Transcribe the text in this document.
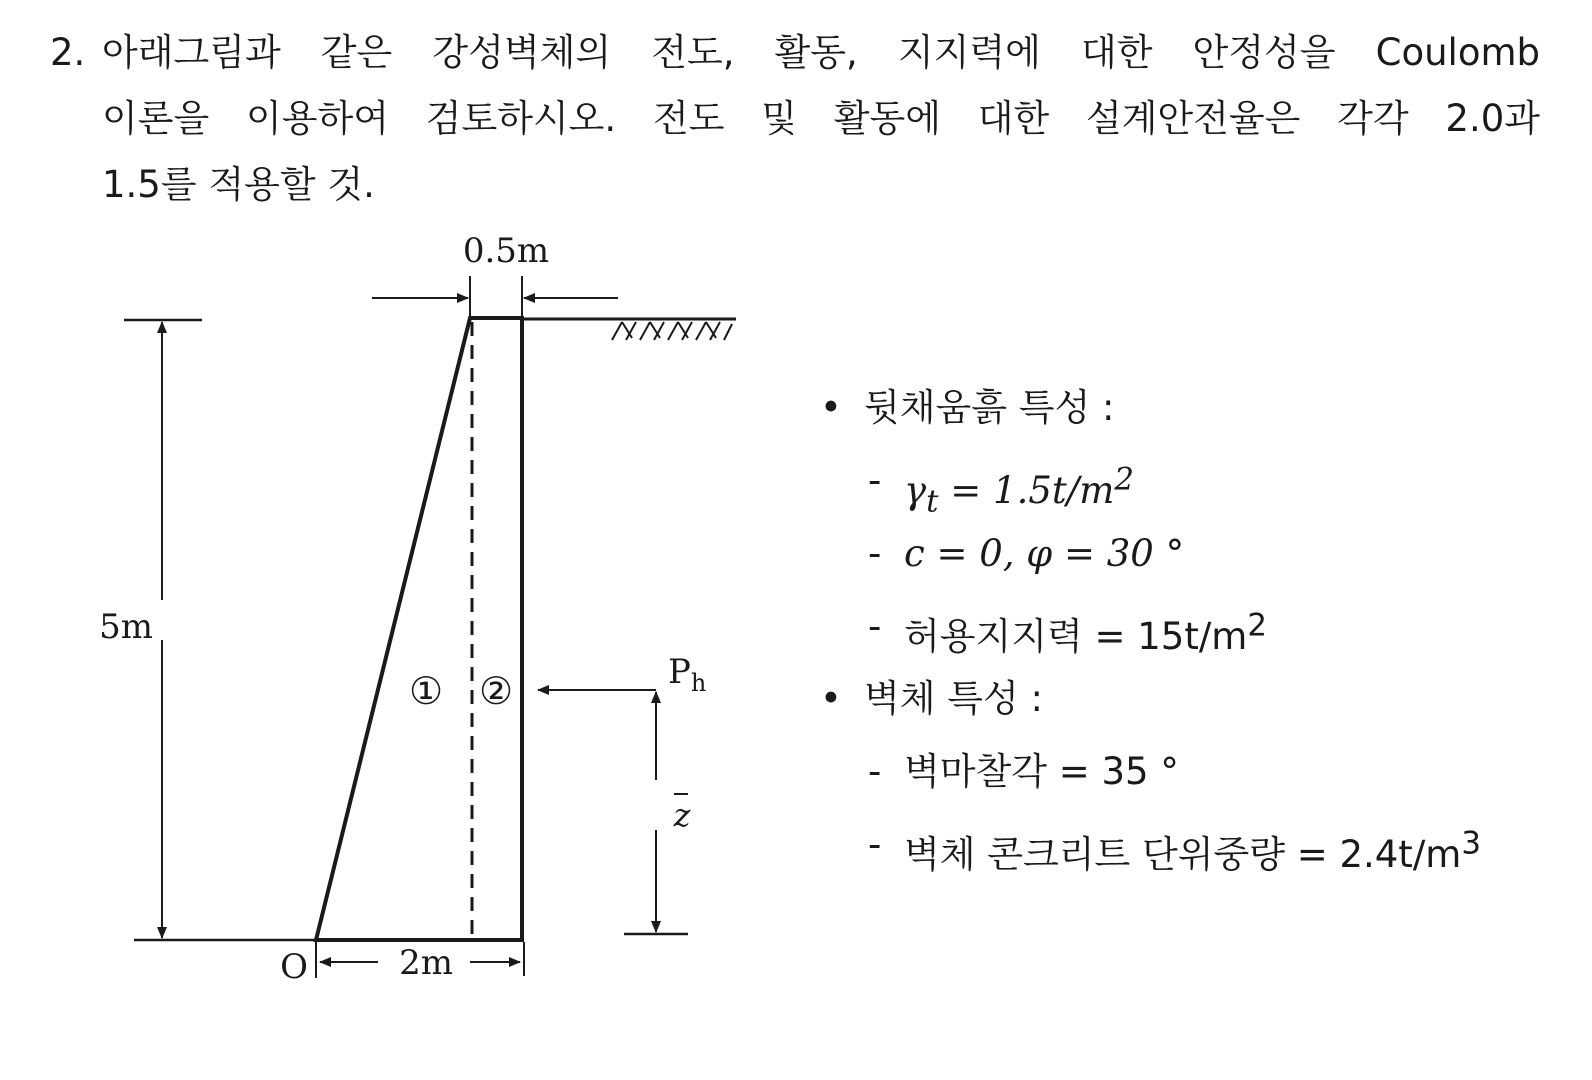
2. 아래그림과 같은 강성벽체의 전도, 활동, 지지력에 대한 안정성을 Coulomb
이론을 이용하여 검토하시오. 전도 및 활동에 대한 설계안전율은 각각 2.0과
1.5를 적용할 것.
0.5m
5m
① ②
2m
O
$P_h$
z
• 뒷채움흙 특성 :
- $\gamma_t = 1.5t/m^2$
- c = 0, φ = 30 °
- 허용지지력 = $15t/m^2$
• 벽체 특성 :
- 벽마찰각 = 35 °
- 벽체 콘크리트 단위중량 = $2.4t/m^3$
